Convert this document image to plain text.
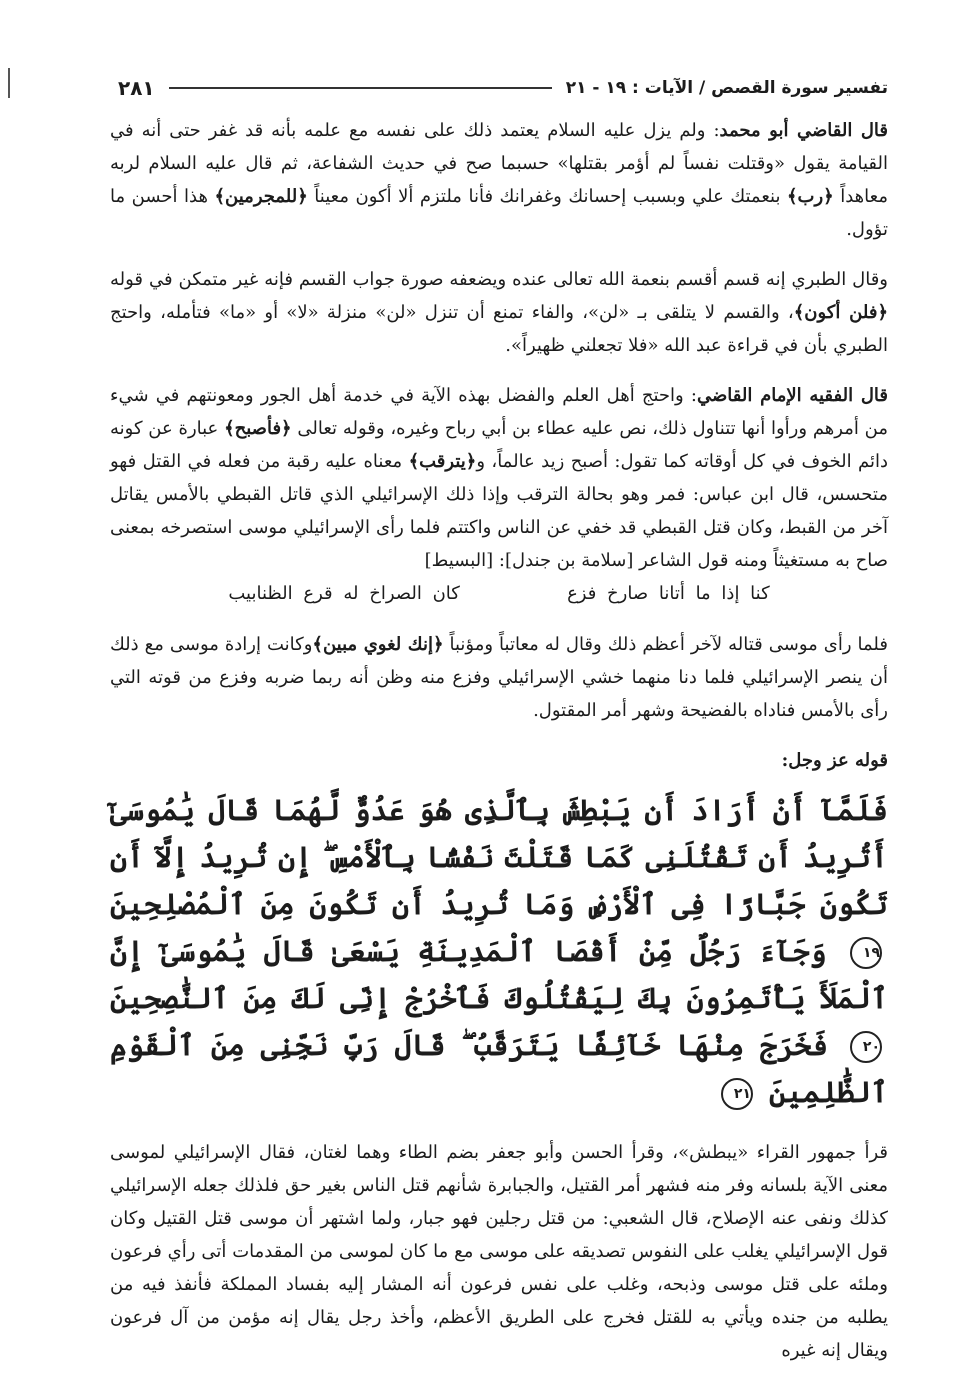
٢٨١	تفسير سورة القصص / الآيات : ١٩ - ٢١

قال القاضي أبو محمد: ولم يزل عليه السلام يعتمد ذلك على نفسه مع علمه بأنه قد غفر حتى أنه في القيامة يقول «وقتلت نفساً لم أؤمر بقتلها» حسبما صح في حديث الشفاعة، ثم قال عليه السلام لربه معاهداً ﴿رب﴾ بنعمتك علي وبسبب إحسانك وغفرانك فأنا ملتزم ألا أكون معيناً ﴿للمجرمين﴾ هذا أحسن ما تؤول.

وقال الطبري إنه قسم أقسم بنعمة الله تعالى عنده ويضعفه صورة جواب القسم فإنه غير متمكن في قوله ﴿فلن أكون﴾، والقسم لا يتلقى بـ «لن»، والفاء تمنع أن تنزل «لن» منزلة «لا» أو «ما» فتأمله، واحتج الطبري بأن في قراءة عبد الله «فلا تجعلني ظهيراً».

قال الفقيه الإمام القاضي: واحتج أهل العلم والفضل بهذه الآية في خدمة أهل الجور ومعونتهم في شيء من أمرهم ورأوا أنها تتناول ذلك، نص عليه عطاء بن أبي رباح وغيره، وقوله تعالى ﴿فأصبح﴾ عبارة عن كونه دائم الخوف في كل أوقاته كما تقول: أصبح زيد عالماً، و﴿يترقب﴾ معناه عليه رقبة من فعله في القتل فهو متحسس، قال ابن عباس: فمر وهو بحالة الترقب وإذا ذلك الإسرائيلي الذي قاتل القبطي بالأمس يقاتل آخر من القبط، وكان قتل القبطي قد خفي عن الناس واكتتم فلما رأى الإسرائيلي موسى استصرخه بمعنى صاح به مستغيثاً ومنه قول الشاعر [سلامة بن جندل]: [البسيط]

كنا إذا ما أتانا صارخ فزع          كان الصراخ له قرع الظنابيب

فلما رأى موسى قتاله لآخر أعظم ذلك وقال له معاتباً ومؤنباً ﴿إنك لغوي مبين﴾وكانت إرادة موسى مع ذلك أن ينصر الإسرائيلي فلما دنا منهما خشي الإسرائيلي وفزع منه وظن أنه ربما ضربه وفزع من قوته التي رأى بالأمس فناداه بالفضيحة وشهر أمر المقتول.

قوله عز وجل:

فَلَمَّآ أَنْ أَرَادَ أَن يَبْطِشَ بِٱلَّذِى هُوَ عَدُوٌّ لَّهُمَا قَالَ يَٰمُوسَىٰٓ أَتُرِيدُ أَن تَقْتُلَنِى كَمَا قَتَلْتَ نَفْسًۢا بِٱلْأَمْسِ ۖ إِن تُرِيدُ إِلَّآ أَن تَكُونَ جَبَّارًا فِى ٱلْأَرْضِ وَمَا تُرِيدُ أَن تَكُونَ مِنَ ٱلْمُصْلِحِينَ ١٩ وَجَآءَ رَجُلٌ مِّنْ أَقْصَا ٱلْمَدِينَةِ يَسْعَىٰ قَالَ يَٰمُوسَىٰٓ إِنَّ ٱلْمَلَأَ يَأْتَمِرُونَ بِكَ لِيَقْتُلُوكَ فَٱخْرُجْ إِنِّى لَكَ مِنَ ٱلنَّٰصِحِينَ ٢٠ فَخَرَجَ مِنْهَا خَآئِفًا يَتَرَقَّبُ ۖ قَالَ رَبِّ نَجِّنِى مِنَ ٱلْقَوْمِ ٱلظَّٰلِمِينَ ٢١

قرأ جمهور القراء «يبطش»، وقرأ الحسن وأبو جعفر بضم الطاء وهما لغتان، فقال الإسرائيلي لموسى معنى الآية بلسانه وفر منه فشهر أمر القتيل، والجبابرة شأنهم قتل الناس بغير حق فلذلك جعله الإسرائيلي كذلك ونفى عنه الإصلاح، قال الشعبي: من قتل رجلين فهو جبار، ولما اشتهر أن موسى قتل القتيل وكان قول الإسرائيلي يغلب على النفوس تصديقه على موسى مع ما كان لموسى من المقدمات أتى رأي فرعون وملئه على قتل موسى وذبحه، وغلب على نفس فرعون أنه المشار إليه بفساد المملكة فأنفذ فيه من يطلبه من جنده ويأتي به للقتل فخرج على الطريق الأعظم، وأخذ رجل يقال إنه مؤمن من آل فرعون ويقال إنه غيره
